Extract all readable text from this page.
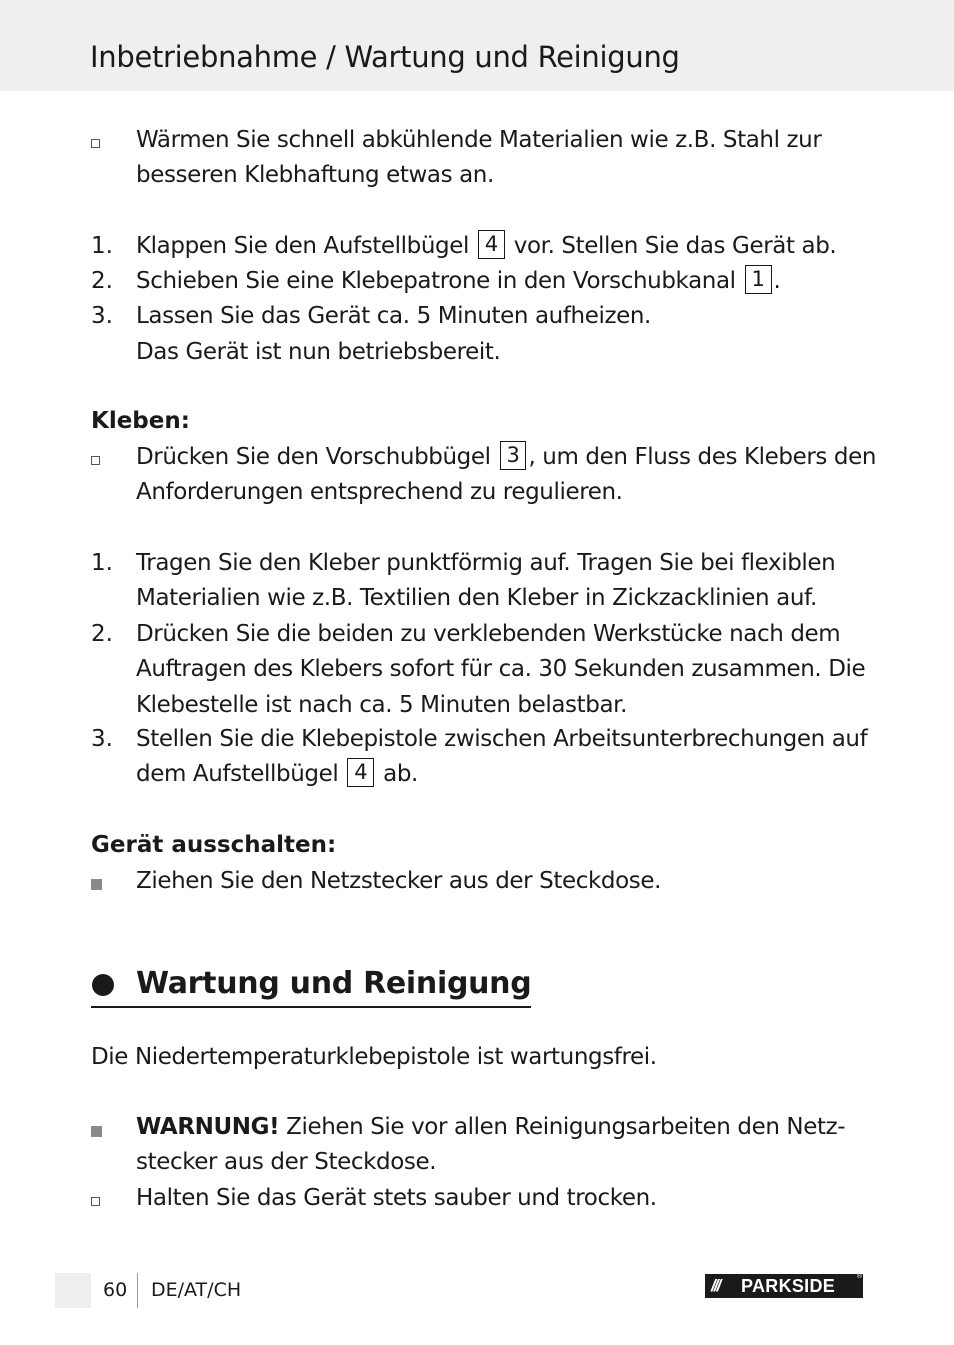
Inbetriebnahme / Wartung und Reinigung

Wärmen Sie schnell abkühlende Materialien wie z.B. Stahl zur besseren Klebhaftung etwas an.

1. Klappen Sie den Aufstellbügel 4 vor. Stellen Sie das Gerät ab.

2. Schieben Sie eine Klebepatrone in den Vorschubkanal 1 .

3. Lassen Sie das Gerät ca. 5 Minuten aufheizen.

Das Gerät ist nun betriebsbereit.

Kleben:

Drücken Sie den Vorschubbügel 3 , um den Fluss des Klebers den Anforderungen entsprechend zu regulieren.

1. Tragen Sie den Kleber punktförmig auf. Tragen Sie bei flexiblen Materialien wie z.B. Textilien den Kleber in Zickzacklinien auf.

2. Drücken Sie die beiden zu verklebenden Werkstücke nach dem Auftragen des Klebers sofort für ca. 30 Sekunden zusammen. Die Klebestelle ist nach ca. 5 Minuten belastbar.

3. Stellen Sie die Klebepistole zwischen Arbeitsunterbrechungen auf dem Aufstellbügel 4 ab.

Gerät ausschalten:

Ziehen Sie den Netzstecker aus der Steckdose.

Wartung und Reinigung

Die Niedertemperaturklebepistole ist wartungsfrei.

WARNUNG! Ziehen Sie vor allen Reinigungsarbeiten den Netz-stecker aus der Steckdose.

Halten Sie das Gerät stets sauber und trocken.

60 DE/AT/CH	///	PARKSIDE	®
